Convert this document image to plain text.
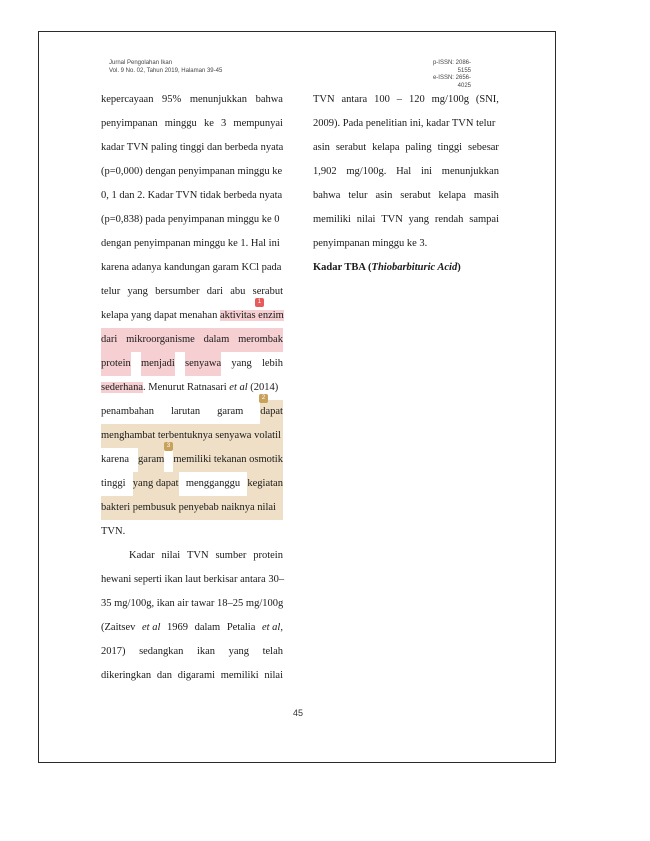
Jurnal Pengolahan Ikan
Vol. 9 No. 02, Tahun 2019, Halaman 39-45
p-ISSN: 2086-5155
e-ISSN: 2656-4025
kepercayaan 95% menunjukkan bahwa
penyimpanan minggu ke 3 mempunyai
kadar TVN paling tinggi dan berbeda nyata
(p=0,000) dengan penyimpanan minggu ke
0, 1 dan 2. Kadar TVN tidak berbeda nyata
(p=0,838) pada penyimpanan minggu ke 0
dengan penyimpanan minggu ke 1. Hal ini
karena adanya kandungan garam KCl pada
telur yang bersumber dari abu serabut
kelapa yang dapat menahan
1
aktivitas enzim
dari mikroorganisme dalam merombak
protein menjadi senyawa yang lebih
sederhana. Menurut Ratnasari et al (2014)
penambahan larutan garam
2
dapat
menghambat terbentuknya senyawa volatil
karena
3
garam memiliki tekanan osmotik
tinggi yang dapat mengganggu kegiatan
bakteri pembusuk penyebab naiknya nilai
TVN.
Kadar nilai TVN sumber protein
hewani seperti ikan laut berkisar antara 30–
35 mg/100g, ikan air tawar 18–25 mg/100g
(Zaitsev et al 1969 dalam Petalia et al,
2017) sedangkan ikan yang telah
dikeringkan dan digarami memiliki nilai
TVN antara 100 – 120 mg/100g (SNI,
2009). Pada penelitian ini, kadar TVN telur
asin serabut kelapa paling tinggi sebesar
1,902 mg/100g. Hal ini menunjukkan
bahwa telur asin serabut kelapa masih
memiliki nilai TVN yang rendah sampai
penyimpanan minggu ke 3.
Kadar TBA (Thiobarbituric Acid)
45
